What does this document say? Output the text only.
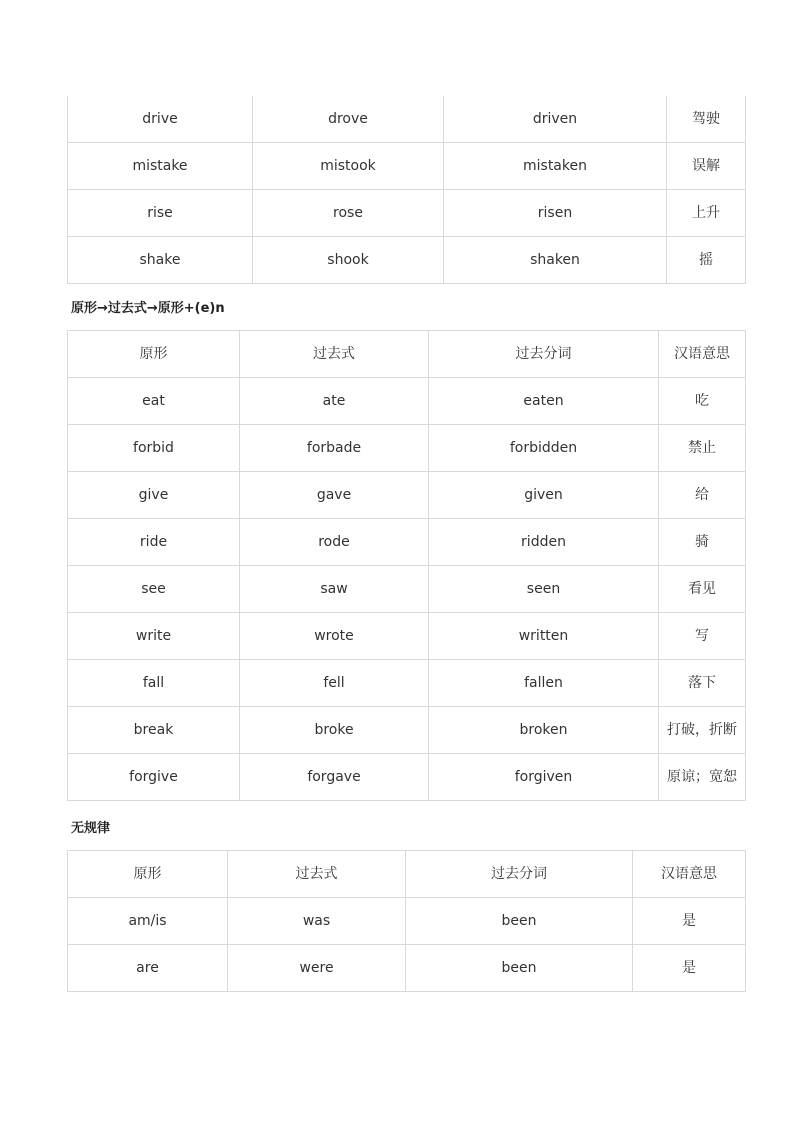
drive	drove	driven	驾驶
mistake	mistook	mistaken	误解
rise	rose	risen	上升
shake	shook	shaken	摇
原形→过去式→原形+(e)n
原形	过去式	过去分词	汉语意思
eat	ate	eaten	吃
forbid	forbade	forbidden	禁止
give	gave	given	给
ride	rode	ridden	骑
see	saw	seen	看见
write	wrote	written	写
fall	fell	fallen	落下
break	broke	broken	打破，折断
forgive	forgave	forgiven	原谅；宽恕
无规律
原形	过去式	过去分词	汉语意思
am/is	was	been	是
are	were	been	是
